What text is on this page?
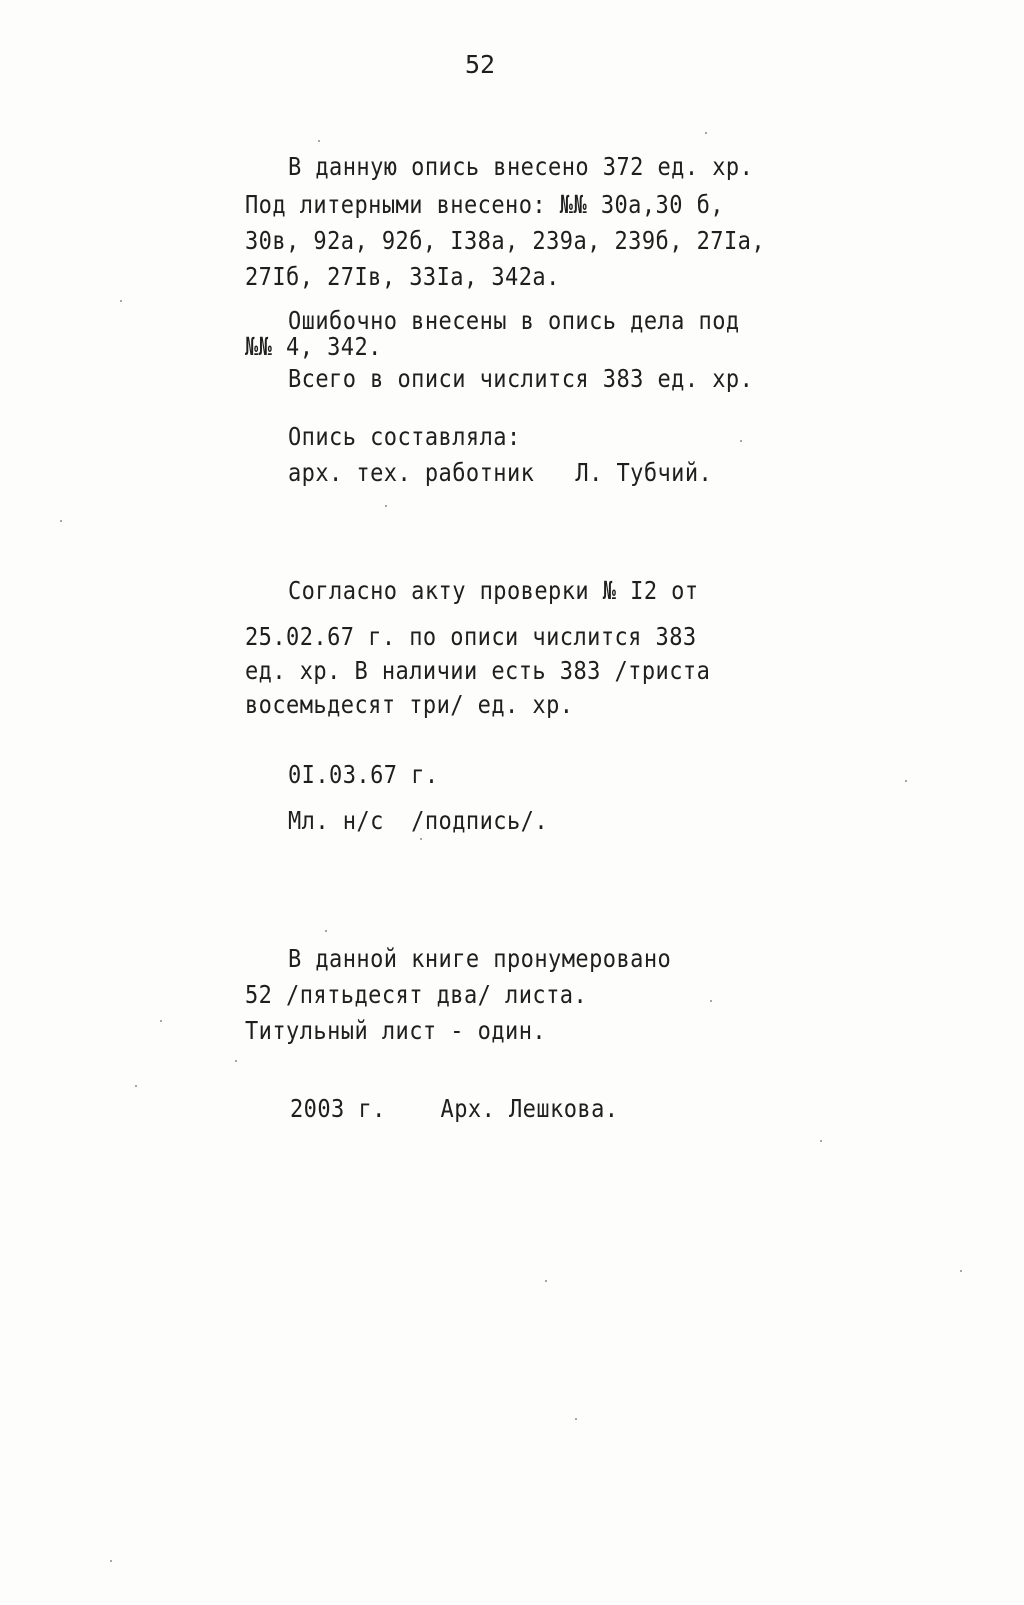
52
В данную опись внесено 372 ед. хр.
Под литерными внесено: №№ 30а,30 б,
30в, 92а, 92б, I38а, 239а, 239б, 27Iа,
27Iб, 27Iв, 33Iа, 342а.
Ошибочно внесены в опись дела под
№№ 4, 342.
Всего в описи числится 383 ед. хр.
Опись составляла:
арх. тех. работник   Л. Тубчий.
Согласно акту проверки № I2 от
25.02.67 г. по описи числится 383
ед. хр. В наличии есть 383 /триста
восемьдесят три/ ед. хр.
0I.03.67 г.
Мл. н/с  /подпись/.
В данной книге пронумеровано
52 /пятьдесят два/ листа.
Титульный лист - один.
2003 г.    Арх. Лешкова.
